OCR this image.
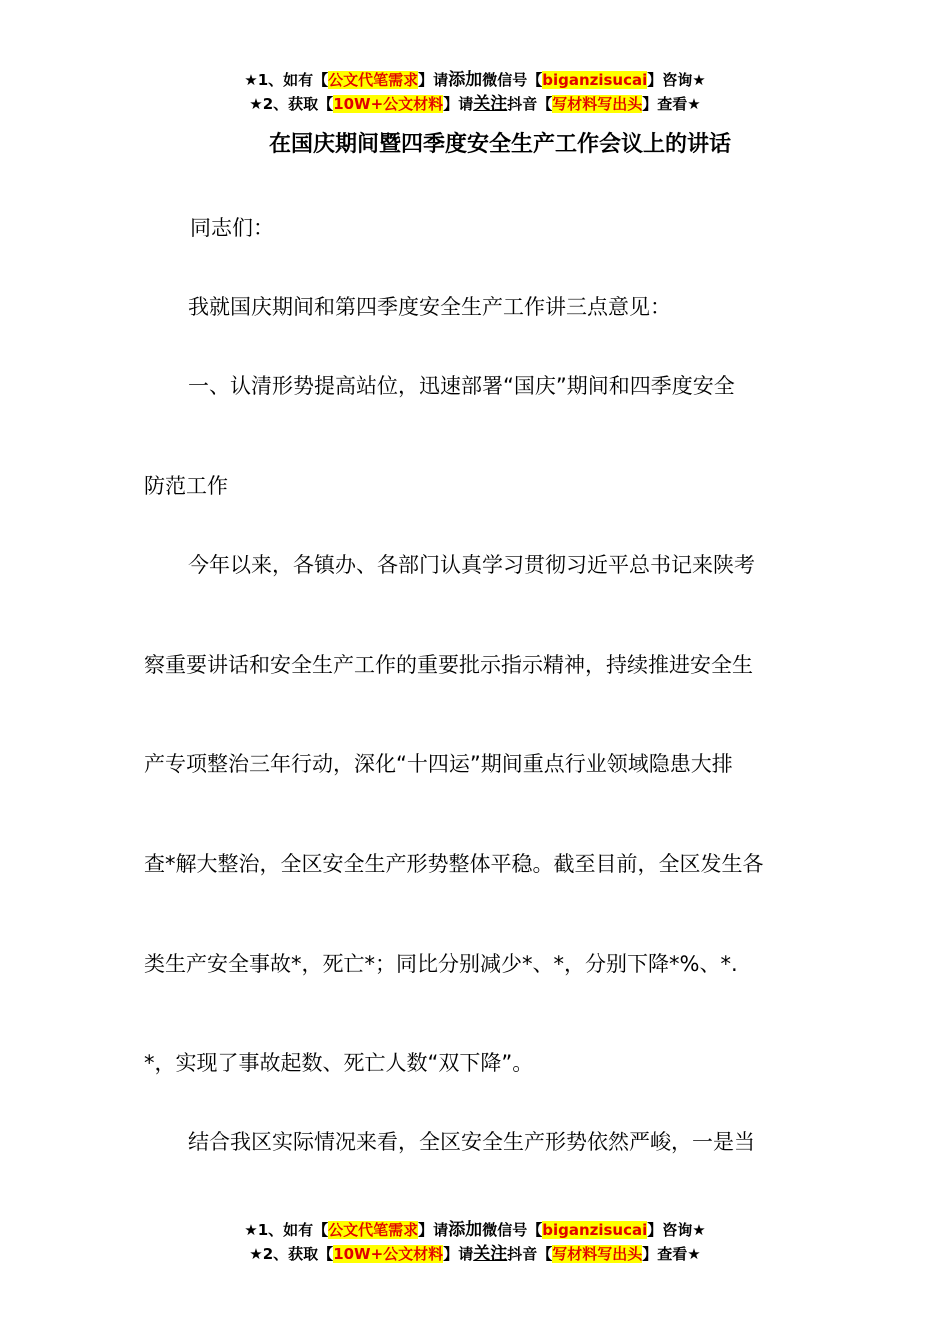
★1、如有【公文代笔需求】请添加微信号【biganzisucai】咨询★
★2、获取【10W+公文材料】请关注抖音【写材料写出头】查看★
在国庆期间暨四季度安全生产工作会议上的讲话
同志们：
我就国庆期间和第四季度安全生产工作讲三点意见：
一、认清形势提高站位，迅速部署“国庆”期间和四季度安全
防范工作
今年以来，各镇办、各部门认真学习贯彻习近平总书记来陕考
察重要讲话和安全生产工作的重要批示指示精神，持续推进安全生
产专项整治三年行动，深化“十四运”期间重点行业领域隐患大排
查*解大整治，全区安全生产形势整体平稳。截至目前，全区发生各
类生产安全事故*，死亡*；同比分别减少*、*，分别下降*%、*.
*，实现了事故起数、死亡人数“双下降”。
结合我区实际情况来看，全区安全生产形势依然严峻，一是当
★1、如有【公文代笔需求】请添加微信号【biganzisucai】咨询★
★2、获取【10W+公文材料】请关注抖音【写材料写出头】查看★
